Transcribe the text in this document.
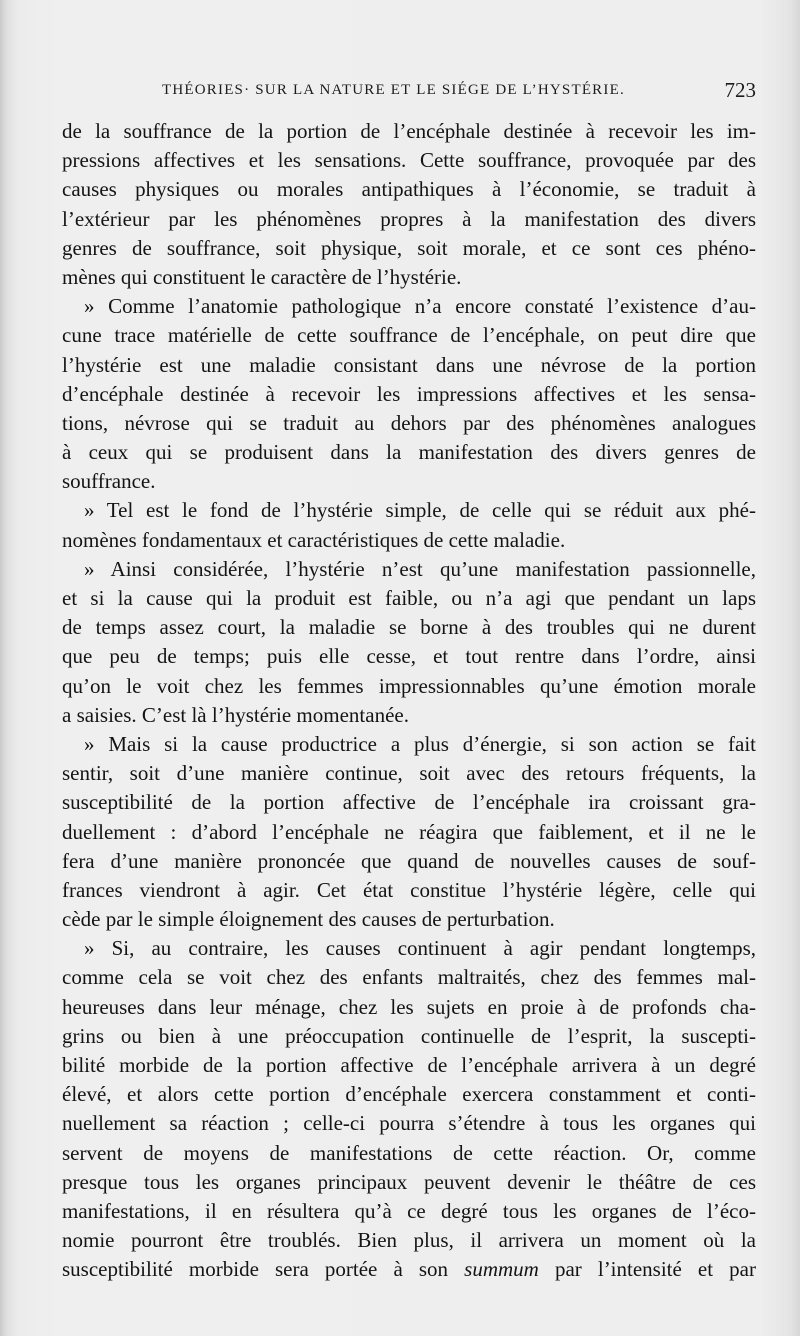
THÉORIES· SUR LA NATURE ET LE SIÉGE DE L’HYSTÉRIE.	723
de la souffrance de la portion de l’encéphale destinée à recevoir les im-
pressions affectives et les sensations. Cette souffrance, provoquée par des
causes physiques ou morales antipathiques à l’économie, se traduit à
l’extérieur par les phénomènes propres à la manifestation des divers
genres de souffrance, soit physique, soit morale, et ce sont ces phéno-
mènes qui constituent le caractère de l’hystérie.
» Comme l’anatomie pathologique n’a encore constaté l’existence d’au-
cune trace matérielle de cette souffrance de l’encéphale, on peut dire que
l’hystérie est une maladie consistant dans une névrose de la portion
d’encéphale destinée à recevoir les impressions affectives et les sensa-
tions, névrose qui se traduit au dehors par des phénomènes analogues
à ceux qui se produisent dans la manifestation des divers genres de
souffrance.
» Tel est le fond de l’hystérie simple, de celle qui se réduit aux phé-
nomènes fondamentaux et caractéristiques de cette maladie.
» Ainsi considérée, l’hystérie n’est qu’une manifestation passionnelle,
et si la cause qui la produit est faible, ou n’a agi que pendant un laps
de temps assez court, la maladie se borne à des troubles qui ne durent
que peu de temps; puis elle cesse, et tout rentre dans l’ordre, ainsi
qu’on le voit chez les femmes impressionnables qu’une émotion morale
a saisies. C’est là l’hystérie momentanée.
» Mais si la cause productrice a plus d’énergie, si son action se fait
sentir, soit d’une manière continue, soit avec des retours fréquents, la
susceptibilité de la portion affective de l’encéphale ira croissant gra-
duellement : d’abord l’encéphale ne réagira que faiblement, et il ne le
fera d’une manière prononcée que quand de nouvelles causes de souf-
frances viendront à agir. Cet état constitue l’hystérie légère, celle qui
cède par le simple éloignement des causes de perturbation.
» Si, au contraire, les causes continuent à agir pendant longtemps,
comme cela se voit chez des enfants maltraités, chez des femmes mal-
heureuses dans leur ménage, chez les sujets en proie à de profonds cha-
grins ou bien à une préoccupation continuelle de l’esprit, la suscepti-
bilité morbide de la portion affective de l’encéphale arrivera à un degré
élevé, et alors cette portion d’encéphale exercera constamment et conti-
nuellement sa réaction ; celle-ci pourra s’étendre à tous les organes qui
servent de moyens de manifestations de cette réaction. Or, comme
presque tous les organes principaux peuvent devenir le théâtre de ces
manifestations, il en résultera qu’à ce degré tous les organes de l’éco-
nomie pourront être troublés. Bien plus, il arrivera un moment où la
susceptibilité morbide sera portée à son summum par l’intensité et par
